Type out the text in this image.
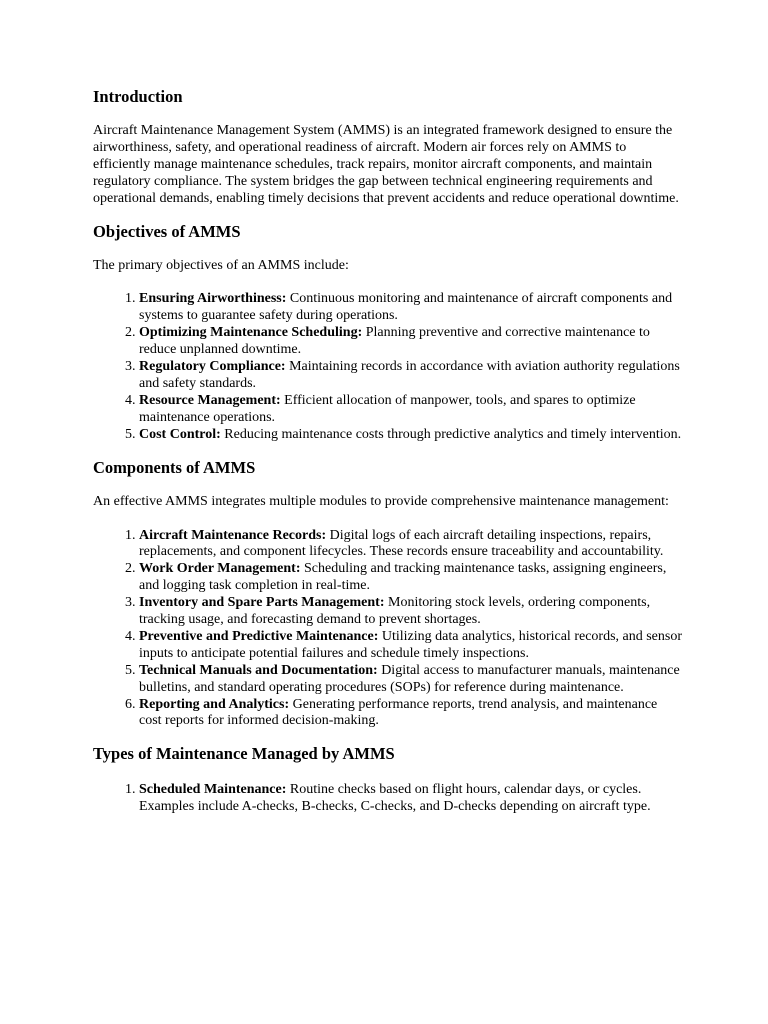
Introduction

Aircraft Maintenance Management System (AMMS) is an integrated framework designed to ensure the airworthiness, safety, and operational readiness of aircraft. Modern air forces rely on AMMS to efficiently manage maintenance schedules, track repairs, monitor aircraft components, and maintain regulatory compliance. The system bridges the gap between technical engineering requirements and operational demands, enabling timely decisions that prevent accidents and reduce operational downtime.

Objectives of AMMS

The primary objectives of an AMMS include:

1. Ensuring Airworthiness: Continuous monitoring and maintenance of aircraft components and systems to guarantee safety during operations.
2. Optimizing Maintenance Scheduling: Planning preventive and corrective maintenance to reduce unplanned downtime.
3. Regulatory Compliance: Maintaining records in accordance with aviation authority regulations and safety standards.
4. Resource Management: Efficient allocation of manpower, tools, and spares to optimize maintenance operations.
5. Cost Control: Reducing maintenance costs through predictive analytics and timely intervention.
Components of AMMS

An effective AMMS integrates multiple modules to provide comprehensive maintenance management:

1. Aircraft Maintenance Records: Digital logs of each aircraft detailing inspections, repairs, replacements, and component lifecycles. These records ensure traceability and accountability.
2. Work Order Management: Scheduling and tracking maintenance tasks, assigning engineers, and logging task completion in real-time.
3. Inventory and Spare Parts Management: Monitoring stock levels, ordering components, tracking usage, and forecasting demand to prevent shortages.
4. Preventive and Predictive Maintenance: Utilizing data analytics, historical records, and sensor inputs to anticipate potential failures and schedule timely inspections.
5. Technical Manuals and Documentation: Digital access to manufacturer manuals, maintenance bulletins, and standard operating procedures (SOPs) for reference during maintenance.
6. Reporting and Analytics: Generating performance reports, trend analysis, and maintenance cost reports for informed decision-making.
Types of Maintenance Managed by AMMS
1. Scheduled Maintenance: Routine checks based on flight hours, calendar days, or cycles. Examples include A-checks, B-checks, C-checks, and D-checks depending on aircraft type.
